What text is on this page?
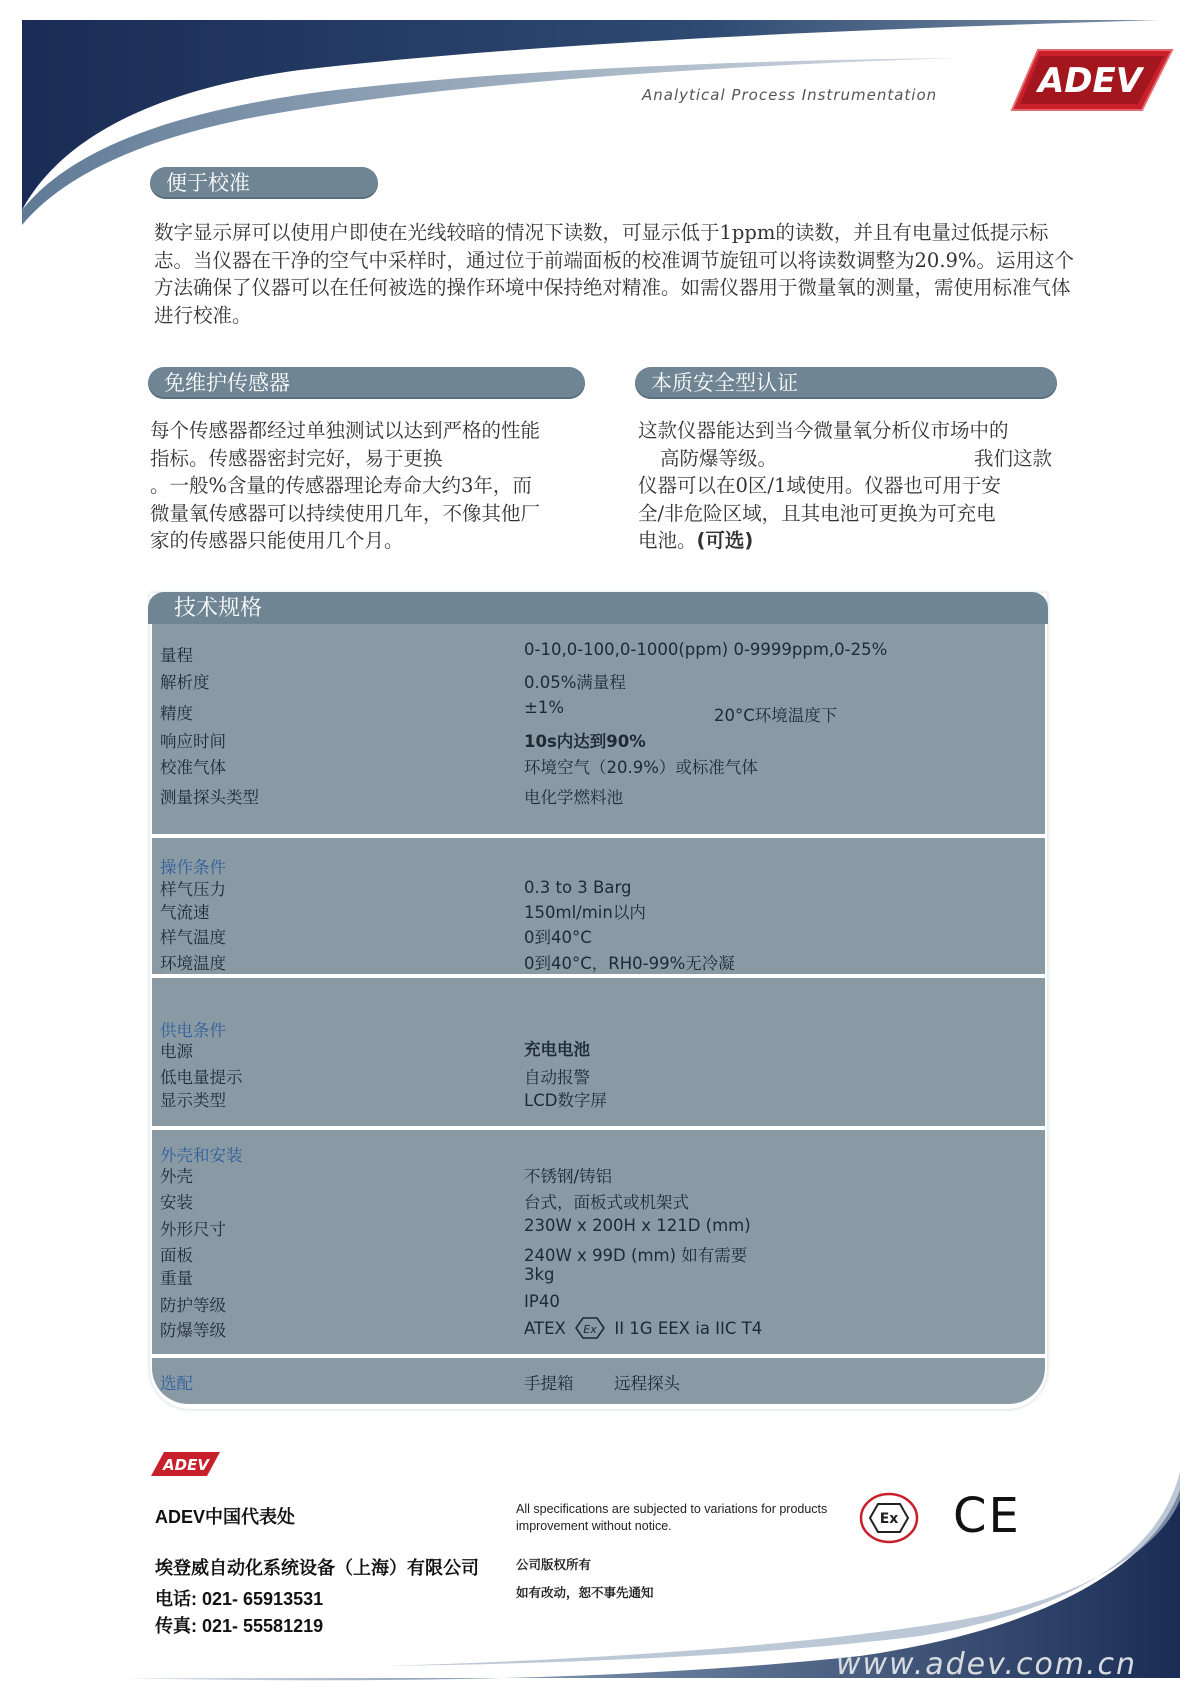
Analytical Process Instrumentation	ADEV
便于校准
数字显示屏可以使用户即使在光线较暗的情况下读数，可显示低于1ppm的读数，并且有电量过低提示标志。当仪器在干净的空气中采样时，通过位于前端面板的校准调节旋钮可以将读数调整为20.9%。运用这个方法确保了仪器可以在任何被选的操作环境中保持绝对精准。如需仪器用于微量氧的测量，需使用标准气体进行校准。
免维护传感器
每个传感器都经过单独测试以达到严格的性能
指标。传感器密封完好，易于更换
。一般%含量的传感器理论寿命大约3年，而
微量氧传感器可以持续使用几年，不像其他厂
家的传感器只能使用几个月。
本质安全型认证
这款仪器能达到当今微量氧分析仪市场中的
高防爆等级。	我们这款
仪器可以在0区/1域使用。仪器也可用于安
全/非危险区域，且其电池可更换为可充电
电池。(可选)
技术规格
量程	0-10,0-100,0-1000(ppm) 0-9999ppm,0-25%
解析度	0.05%满量程
精度	±1%	20°C环境温度下
响应时间	10s内达到90%
校准气体	环境空气（20.9%）或标准气体
测量探头类型	电化学燃料池
操作条件
样气压力	0.3 to 3 Barg
气流速	150ml/min以内
样气温度	0到40°C
环境温度	0到40°C，RH0-99%无冷凝
供电条件
电源	充电电池
低电量提示	自动报警
显示类型	LCD数字屏
外壳和安装
外壳	不锈钢/铸铝
安装	台式，面板式或机架式
外形尺寸	230W x 200H x 121D (mm)
面板	240W x 99D (mm) 如有需要
重量	3kg
防护等级	IP40
防爆等级	ATEX Ex II 1G EEX ia IIC T4
选配	手提箱 远程探头
ADEV
ADEV中国代表处
埃登威自动化系统设备（上海）有限公司
电话: 021- 65913531
传真: 021- 55581219
All specifications are subjected to variations for products
improvement without notice.
公司版权所有
如有改动，恕不事先通知
Ex CE
www.adev.com.cn
